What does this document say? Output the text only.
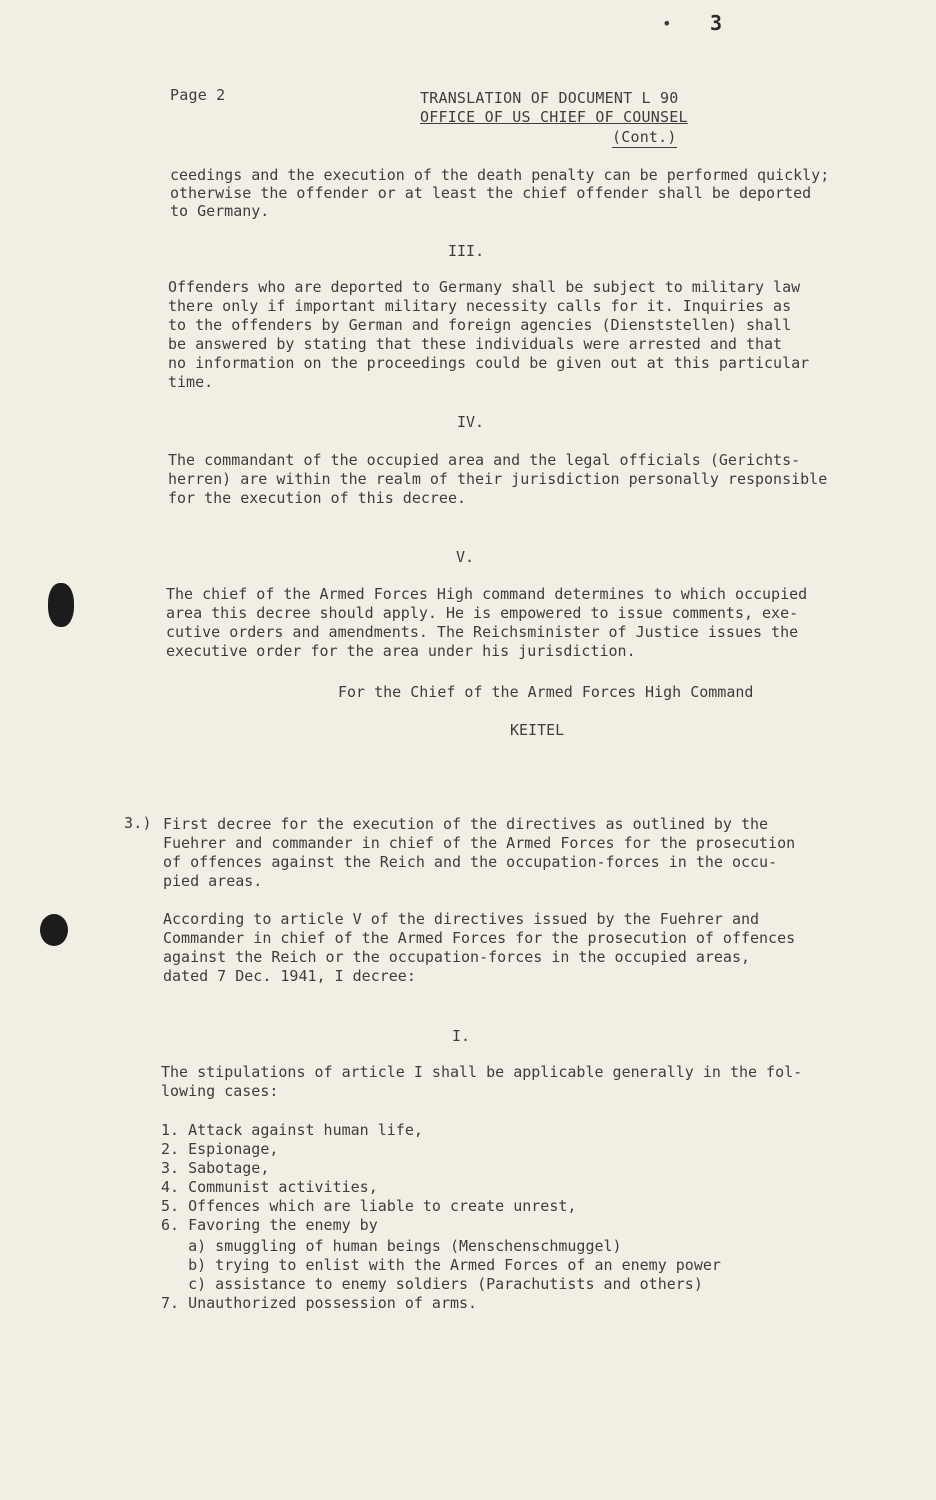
• 3
Page 2	TRANSLATION OF DOCUMENT L 90
OFFICE OF US CHIEF OF COUNSEL
(Cont.)
ceedings and the execution of the death penalty can be performed quickly;
otherwise the offender or at least the chief offender shall be deported
to Germany.
III.
Offenders who are deported to Germany shall be subject to military law
there only if important military necessity calls for it. Inquiries as
to the offenders by German and foreign agencies (Dienststellen) shall
be answered by stating that these individuals were arrested and that
no information on the proceedings could be given out at this particular
time.
IV.
The commandant of the occupied area and the legal officials (Gerichts-
herren) are within the realm of their jurisdiction personally responsible
for the execution of this decree.
V.
The chief of the Armed Forces High command determines to which occupied
area this decree should apply. He is empowered to issue comments, exe-
cutive orders and amendments. The Reichsminister of Justice issues the
executive order for the area under his jurisdiction.
For the Chief of the Armed Forces High Command
KEITEL
3.) First decree for the execution of the directives as outlined by the
Fuehrer and commander in chief of the Armed Forces for the prosecution
of offences against the Reich and the occupation-forces in the occu-
pied areas.
According to article V of the directives issued by the Fuehrer and
Commander in chief of the Armed Forces for the prosecution of offences
against the Reich or the occupation-forces in the occupied areas,
dated 7 Dec. 1941, I decree:
I.
The stipulations of article I shall be applicable generally in the fol-
lowing cases:
1. Attack against human life,
2. Espionage,
3. Sabotage,
4. Communist activities,
5. Offences which are liable to create unrest,
6. Favoring the enemy by
a) smuggling of human beings (Menschenschmuggel)
b) trying to enlist with the Armed Forces of an enemy power
c) assistance to enemy soldiers (Parachutists and others)
7. Unauthorized possession of arms.
